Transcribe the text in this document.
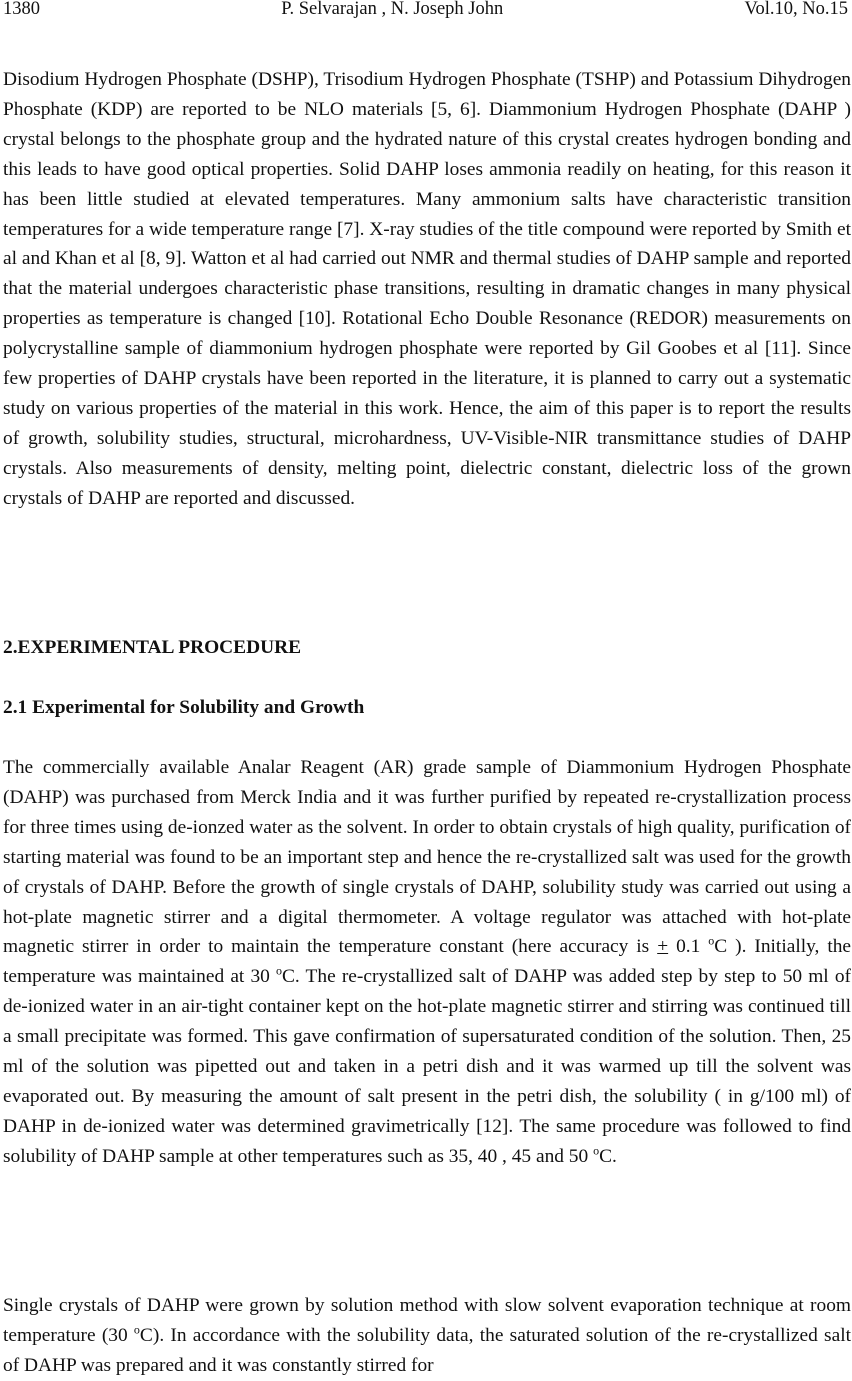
1380	P. Selvarajan , N. Joseph John	Vol.10, No.15

Disodium Hydrogen Phosphate (DSHP), Trisodium Hydrogen Phosphate (TSHP) and Potassium Dihydrogen Phosphate (KDP) are reported to be NLO materials [5, 6]. Diammonium Hydrogen Phosphate (DAHP ) crystal belongs to the phosphate group and the hydrated nature of this crystal creates hydrogen bonding and this leads to have good optical properties. Solid DAHP loses ammonia readily on heating, for this reason it has been little studied at elevated temperatures. Many ammonium salts have characteristic transition temperatures for a wide temperature range [7]. X-ray studies of the title compound were reported by Smith et al and Khan et al [8, 9]. Watton et al had carried out NMR and thermal studies of DAHP sample and reported that the material undergoes characteristic phase transitions, resulting in dramatic changes in many physical properties as temperature is changed [10]. Rotational Echo Double Resonance (REDOR) measurements on polycrystalline sample of diammonium hydrogen phosphate were reported by Gil Goobes et al [11]. Since few properties of DAHP crystals have been reported in the literature, it is planned to carry out a systematic study on various properties of the material in this work. Hence, the aim of this paper is to report the results of growth, solubility studies, structural, microhardness, UV-Visible-NIR transmittance studies of DAHP crystals. Also measurements of density, melting point, dielectric constant, dielectric loss of the grown crystals of DAHP are reported and discussed.

2.EXPERIMENTAL PROCEDURE
2.1 Experimental for Solubility and Growth

The commercially available Analar Reagent (AR) grade sample of Diammonium Hydrogen Phosphate (DAHP) was purchased from Merck India and it was further purified by repeated re-crystallization process for three times using de-ionzed water as the solvent. In order to obtain crystals of high quality, purification of starting material was found to be an important step and hence the re-crystallized salt was used for the growth of crystals of DAHP. Before the growth of single crystals of DAHP, solubility study was carried out using a hot-plate magnetic stirrer and a digital thermometer. A voltage regulator was attached with hot-plate magnetic stirrer in order to maintain the temperature constant (here accuracy is + 0.1 $^o$C ). Initially, the temperature was maintained at 30 $^o$C. The re-crystallized salt of DAHP was added step by step to 50 ml of de-ionized water in an air-tight container kept on the hot-plate magnetic stirrer and stirring was continued till a small precipitate was formed. This gave confirmation of supersaturated condition of the solution. Then, 25 ml of the solution was pipetted out and taken in a petri dish and it was warmed up till the solvent was evaporated out. By measuring the amount of salt present in the petri dish, the solubility ( in g/100 ml) of DAHP in de-ionized water was determined gravimetrically [12]. The same procedure was followed to find solubility of DAHP sample at other temperatures such as 35, 40 , 45 and 50 $^o$C.

Single crystals of DAHP were grown by solution method with slow solvent evaporation technique at room temperature (30 $^o$C). In accordance with the solubility data, the saturated solution of the re-crystallized salt of DAHP was prepared and it was constantly stirred for
